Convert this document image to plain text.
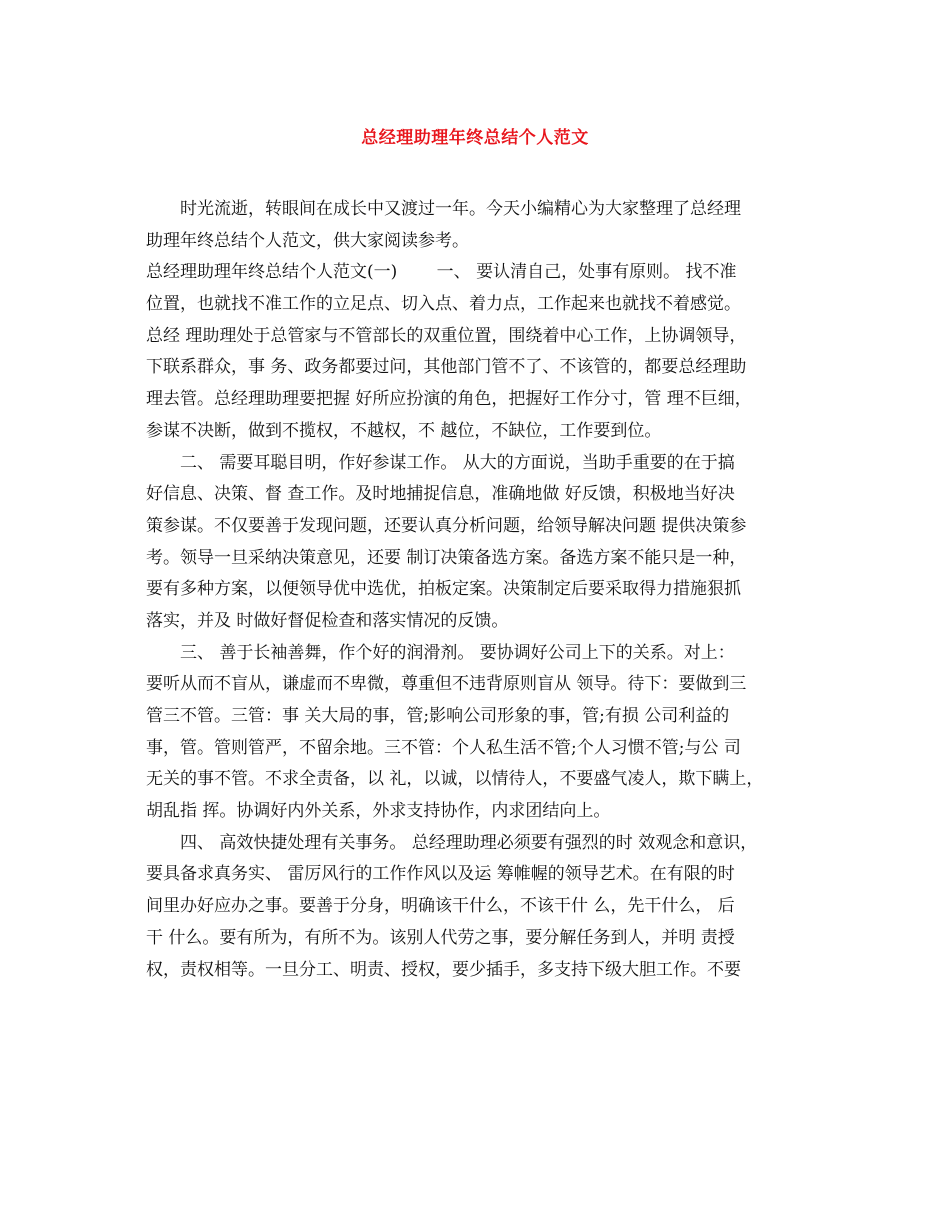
总经理助理年终总结个人范文
时光流逝，转眼间在成长中又渡过一年。今天小编精心为大家整理了总经理
助理年终总结个人范文，供大家阅读参考。
总经理助理年终总结个人范文(一)　　 一、 要认清自己，处事有原则。 找不准
位置，也就找不准工作的立足点、切入点、着力点，工作起来也就找不着感觉。
总经 理助理处于总管家与不管部长的双重位置，围绕着中心工作，上协调领导，
下联系群众，事 务、政务都要过问，其他部门管不了、不该管的，都要总经理助
理去管。总经理助理要把握 好所应扮演的角色，把握好工作分寸，管 理不巨细，
参谋不决断，做到不揽权，不越权，不 越位，不缺位，工作要到位。
二、 需要耳聪目明，作好参谋工作。 从大的方面说，当助手重要的在于搞
好信息、决策、督 查工作。及时地捕捉信息，准确地做 好反馈，积极地当好决
策参谋。不仅要善于发现问题，还要认真分析问题，给领导解决问题 提供决策参
考。领导一旦采纳决策意见，还要 制订决策备选方案。备选方案不能只是一种，
要有多种方案，以便领导优中选优，拍板定案。决策制定后要采取得力措施狠抓
落实，并及 时做好督促检查和落实情况的反馈。
三、 善于长袖善舞，作个好的润滑剂。 要协调好公司上下的关系。对上：
要听从而不盲从，谦虚而不卑微，尊重但不违背原则盲从 领导。待下：要做到三
管三不管。三管：事 关大局的事，管;影响公司形象的事，管;有损 公司利益的
事，管。管则管严，不留余地。三不管：个人私生活不管;个人习惯不管;与公 司
无关的事不管。不求全责备，以 礼，以诚，以情待人，不要盛气凌人，欺下瞒上，
胡乱指 挥。协调好内外关系，外求支持协作，内求团结向上。
四、 高效快捷处理有关事务。 总经理助理必须要有强烈的时 效观念和意识，
要具备求真务实、 雷厉风行的工作作风以及运 筹帷幄的领导艺术。在有限的时
间里办好应办之事。要善于分身，明确该干什么，不该干什 么，先干什么， 后
干 什么。要有所为，有所不为。该别人代劳之事，要分解任务到人，并明 责授
权，责权相等。一旦分工、明责、授权，要少插手，多支持下级大胆工作。不要
